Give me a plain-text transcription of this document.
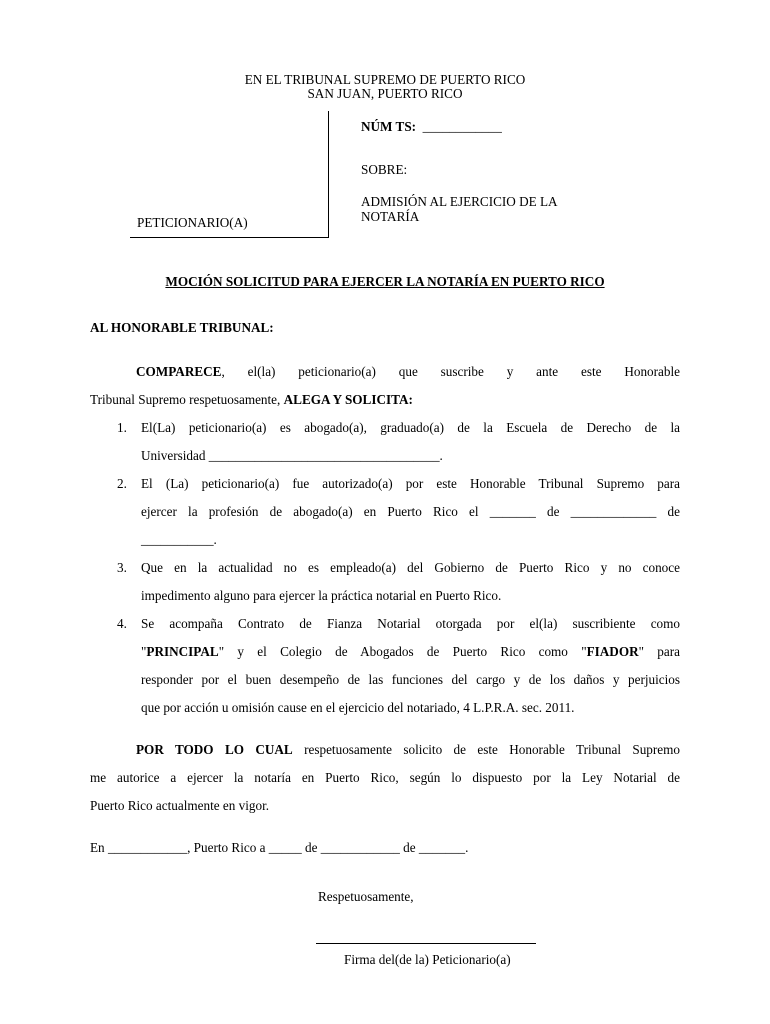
EN EL TRIBUNAL SUPREMO DE PUERTO RICO
SAN JUAN, PUERTO RICO
NÚM TS: ____________
SOBRE:
ADMISIÓN AL EJERCICIO DE LA
NOTARÍA
PETICIONARIO(A)
MOCIÓN SOLICITUD PARA EJERCER LA NOTARÍA EN PUERTO RICO
AL HONORABLE TRIBUNAL:
COMPARECE, el(la) peticionario(a) que suscribe y ante este Honorable
Tribunal Supremo respetuosamente, ALEGA Y SOLICITA:
1. El(La) peticionario(a) es abogado(a), graduado(a) de la Escuela de Derecho de la
Universidad ___________________________________.
2. El (La) peticionario(a) fue autorizado(a) por este Honorable Tribunal Supremo para
ejercer la profesión de abogado(a) en Puerto Rico el _______ de _____________ de
___________.
3. Que en la actualidad no es empleado(a) del Gobierno de Puerto Rico y no conoce
impedimento alguno para ejercer la práctica notarial en Puerto Rico.
4. Se acompaña Contrato de Fianza Notarial otorgada por el(la) suscribiente como
"PRINCIPAL" y el Colegio de Abogados de Puerto Rico como "FIADOR" para
responder por el buen desempeño de las funciones del cargo y de los daños y perjuicios
que por acción u omisión cause en el ejercicio del notariado, 4 L.P.R.A. sec. 2011.
POR TODO LO CUAL respetuosamente solicito de este Honorable Tribunal Supremo
me autorice a ejercer la notaría en Puerto Rico, según lo dispuesto por la Ley Notarial de
Puerto Rico actualmente en vigor.
En ____________, Puerto Rico a _____ de ____________ de _______.
Respetuosamente,
Firma del(de la) Peticionario(a)
